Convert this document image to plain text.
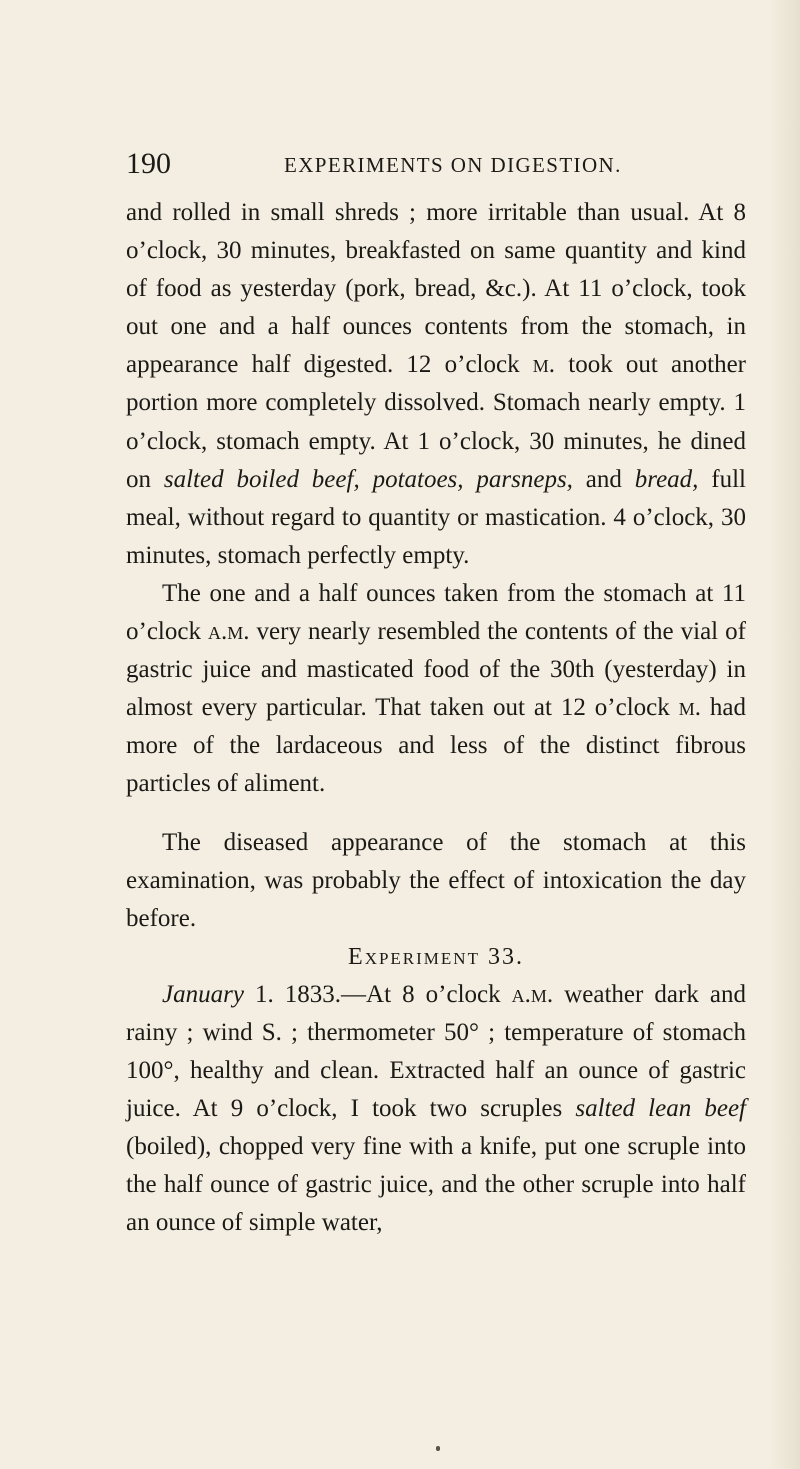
190	EXPERIMENTS ON DIGESTION.

and rolled in small shreds ; more irritable than usual. At 8 o’clock, 30 minutes, breakfasted on same quantity and kind of food as yesterday (pork, bread, &c.). At 11 o’clock, took out one and a half ounces contents from the stomach, in appearance half digested. 12 o’clock m. took out another portion more completely dissolved. Stomach nearly empty. 1 o’clock, stomach empty. At 1 o’clock, 30 minutes, he dined on salted boiled beef, potatoes, parsneps, and bread, full meal, without regard to quantity or mastication. 4 o’clock, 30 minutes, stomach perfectly empty.

The one and a half ounces taken from the stomach at 11 o’clock a.m. very nearly resembled the contents of the vial of gastric juice and masticated food of the 30th (yesterday) in almost every particular. That taken out at 12 o’clock m. had more of the lardaceous and less of the distinct fibrous particles of aliment.

The diseased appearance of the stomach at this examination, was probably the effect of intoxication the day before.

Experiment 33.

January 1. 1833.—At 8 o’clock a.m. weather dark and rainy ; wind S. ; thermometer 50° ; temperature of stomach 100°, healthy and clean. Extracted half an ounce of gastric juice. At 9 o’clock, I took two scruples salted lean beef (boiled), chopped very fine with a knife, put one scruple into the half ounce of gastric juice, and the other scruple into half an ounce of simple water,
